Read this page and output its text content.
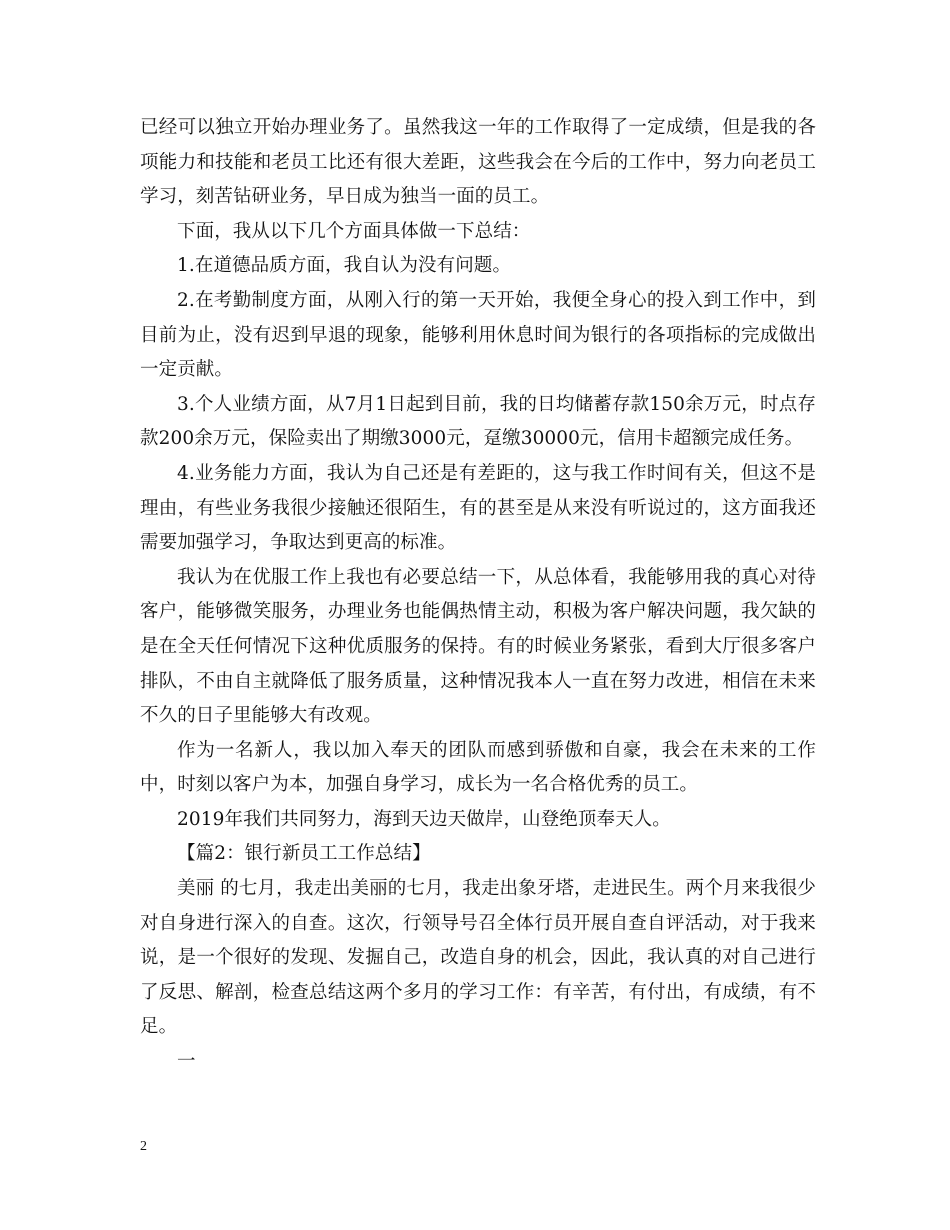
已经可以独立开始办理业务了。虽然我这一年的工作取得了一定成绩，但是我的各项能力和技能和老员工比还有很大差距，这些我会在今后的工作中，努力向老员工学习，刻苦钻研业务，早日成为独当一面的员工。

下面，我从以下几个方面具体做一下总结：

1.在道德品质方面，我自认为没有问题。

2.在考勤制度方面，从刚入行的第一天开始，我便全身心的投入到工作中，到目前为止，没有迟到早退的现象，能够利用休息时间为银行的各项指标的完成做出一定贡献。

3.个人业绩方面，从7月1日起到目前，我的日均储蓄存款150余万元，时点存款200余万元，保险卖出了期缴3000元，趸缴30000元，信用卡超额完成任务。

4.业务能力方面，我认为自己还是有差距的，这与我工作时间有关，但这不是理由，有些业务我很少接触还很陌生，有的甚至是从来没有听说过的，这方面我还需要加强学习，争取达到更高的标准。

我认为在优服工作上我也有必要总结一下，从总体看，我能够用我的真心对待客户，能够微笑服务，办理业务也能偶热情主动，积极为客户解决问题，我欠缺的是在全天任何情况下这种优质服务的保持。有的时候业务紧张，看到大厅很多客户排队，不由自主就降低了服务质量，这种情况我本人一直在努力改进，相信在未来不久的日子里能够大有改观。

作为一名新人，我以加入奉天的团队而感到骄傲和自豪，我会在未来的工作中，时刻以客户为本，加强自身学习，成长为一名合格优秀的员工。

2019年我们共同努力，海到天边天做岸，山登绝顶奉天人。

【篇2：银行新员工工作总结】

美丽 的七月，我走出美丽的七月，我走出象牙塔，走进民生。两个月来我很少对自身进行深入的自查。这次，行领导号召全体行员开展自查自评活动，对于我来说，是一个很好的发现、发掘自己，改造自身的机会，因此，我认真的对自己进行了反思、解剖，检查总结这两个多月的学习工作：有辛苦，有付出，有成绩，有不足。

一

2
